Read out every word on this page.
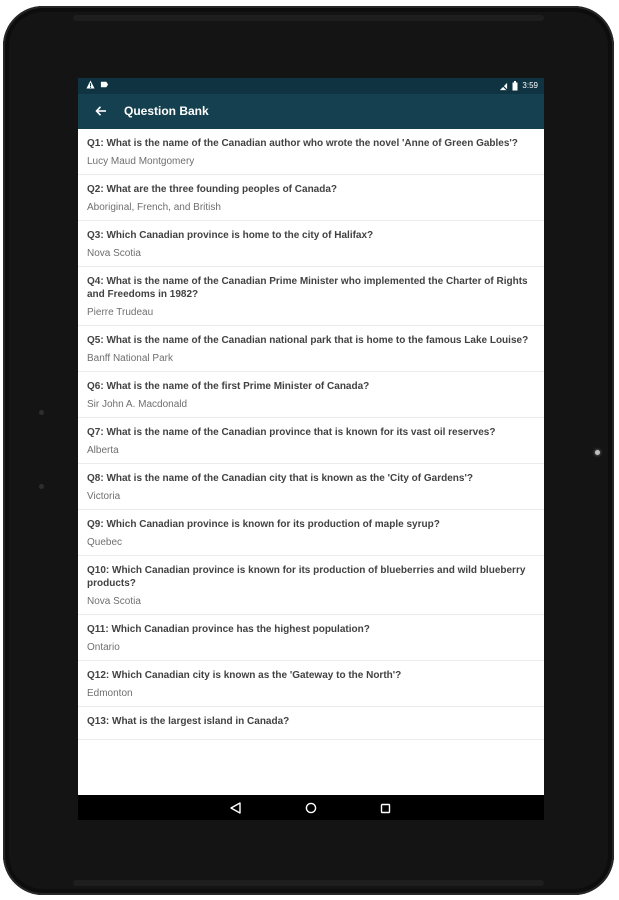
3:59
Question Bank
Q1: What is the name of the Canadian author who wrote the novel 'Anne of Green Gables'?
Lucy Maud Montgomery
Q2: What are the three founding peoples of Canada?
Aboriginal, French, and British
Q3: Which Canadian province is home to the city of Halifax?
Nova Scotia
Q4: What is the name of the Canadian Prime Minister who implemented the Charter of Rights and Freedoms in 1982?
Pierre Trudeau
Q5: What is the name of the Canadian national park that is home to the famous Lake Louise?
Banff National Park
Q6: What is the name of the first Prime Minister of Canada?
Sir John A. Macdonald
Q7: What is the name of the Canadian province that is known for its vast oil reserves?
Alberta
Q8: What is the name of the Canadian city that is known as the 'City of Gardens'?
Victoria
Q9: Which Canadian province is known for its production of maple syrup?
Quebec
Q10: Which Canadian province is known for its production of blueberries and wild blueberry products?
Nova Scotia
Q11: Which Canadian province has the highest population?
Ontario
Q12: Which Canadian city is known as the 'Gateway to the North'?
Edmonton
Q13: What is the largest island in Canada?
